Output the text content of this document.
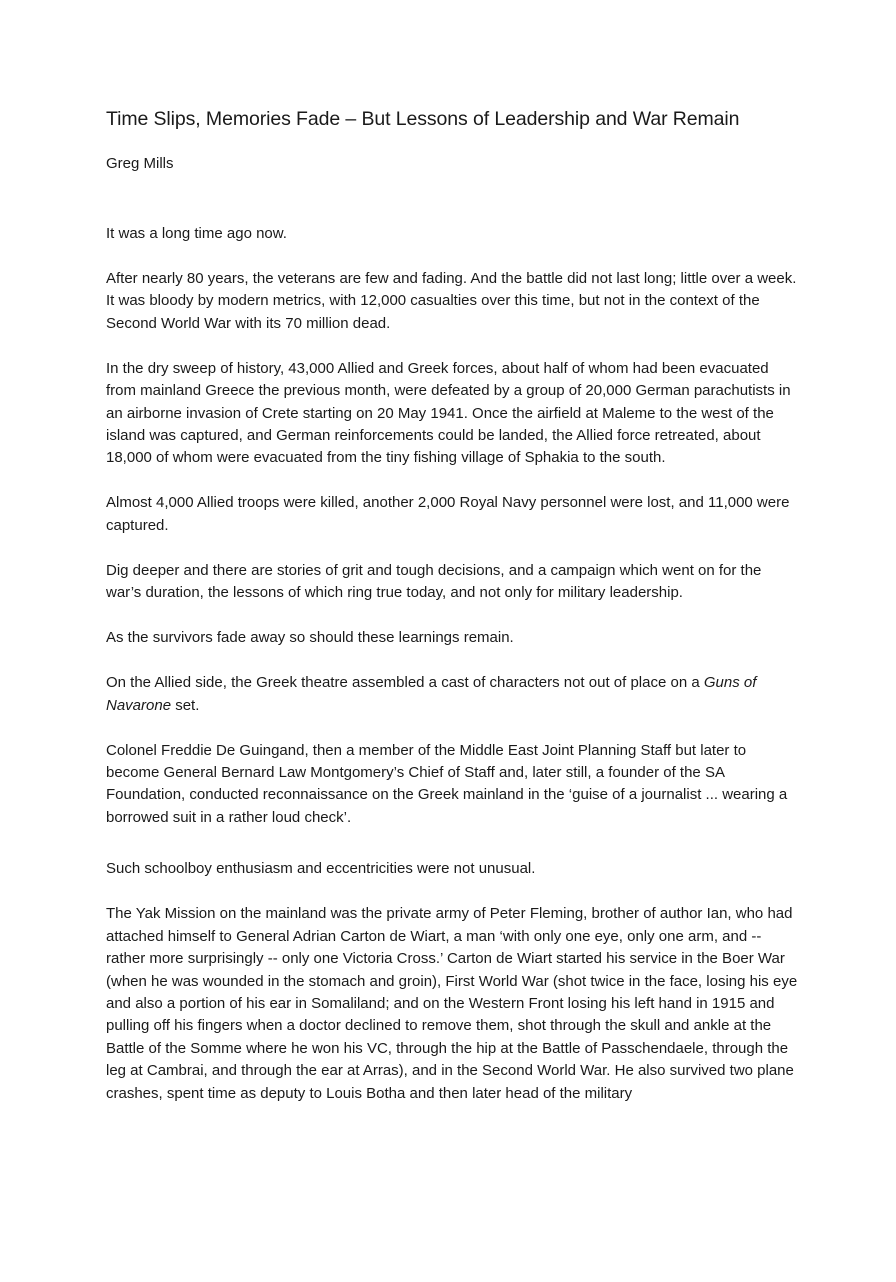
Time Slips, Memories Fade – But Lessons of Leadership and War Remain

Greg Mills

It was a long time ago now.

After nearly 80 years, the veterans are few and fading. And the battle did not last long; little over a week. It was bloody by modern metrics, with 12,000 casualties over this time, but not in the context of the Second World War with its 70 million dead.

In the dry sweep of history, 43,000 Allied and Greek forces, about half of whom had been evacuated from mainland Greece the previous month, were defeated by a group of 20,000 German parachutists in an airborne invasion of Crete starting on 20 May 1941. Once the airfield at Maleme to the west of the island was captured, and German reinforcements could be landed, the Allied force retreated, about 18,000 of whom were evacuated from the tiny fishing village of Sphakia to the south.

Almost 4,000 Allied troops were killed, another 2,000 Royal Navy personnel were lost, and 11,000 were captured.

Dig deeper and there are stories of grit and tough decisions, and a campaign which went on for the war’s duration, the lessons of which ring true today, and not only for military leadership.

As the survivors fade away so should these learnings remain.

On the Allied side, the Greek theatre assembled a cast of characters not out of place on a Guns of Navarone set.

Colonel Freddie De Guingand, then a member of the Middle East Joint Planning Staff but later to become General Bernard Law Montgomery’s Chief of Staff and, later still, a founder of the SA Foundation, conducted reconnaissance on the Greek mainland in the ‘guise of a journalist ... wearing a borrowed suit in a rather loud check’.

Such schoolboy enthusiasm and eccentricities were not unusual.

The Yak Mission on the mainland was the private army of Peter Fleming, brother of author Ian, who had attached himself to General Adrian Carton de Wiart, a man ‘with only one eye, only one arm, and -- rather more surprisingly -- only one Victoria Cross.’ Carton de Wiart started his service in the Boer War (when he was wounded in the stomach and groin), First World War (shot twice in the face, losing his eye and also a portion of his ear in Somaliland; and on the Western Front losing his left hand in 1915 and pulling off his fingers when a doctor declined to remove them, shot through the skull and ankle at the Battle of the Somme where he won his VC, through the hip at the Battle of Passchendaele, through the leg at Cambrai, and through the ear at Arras), and in the Second World War. He also survived two plane crashes, spent time as deputy to Louis Botha and then later head of the military
